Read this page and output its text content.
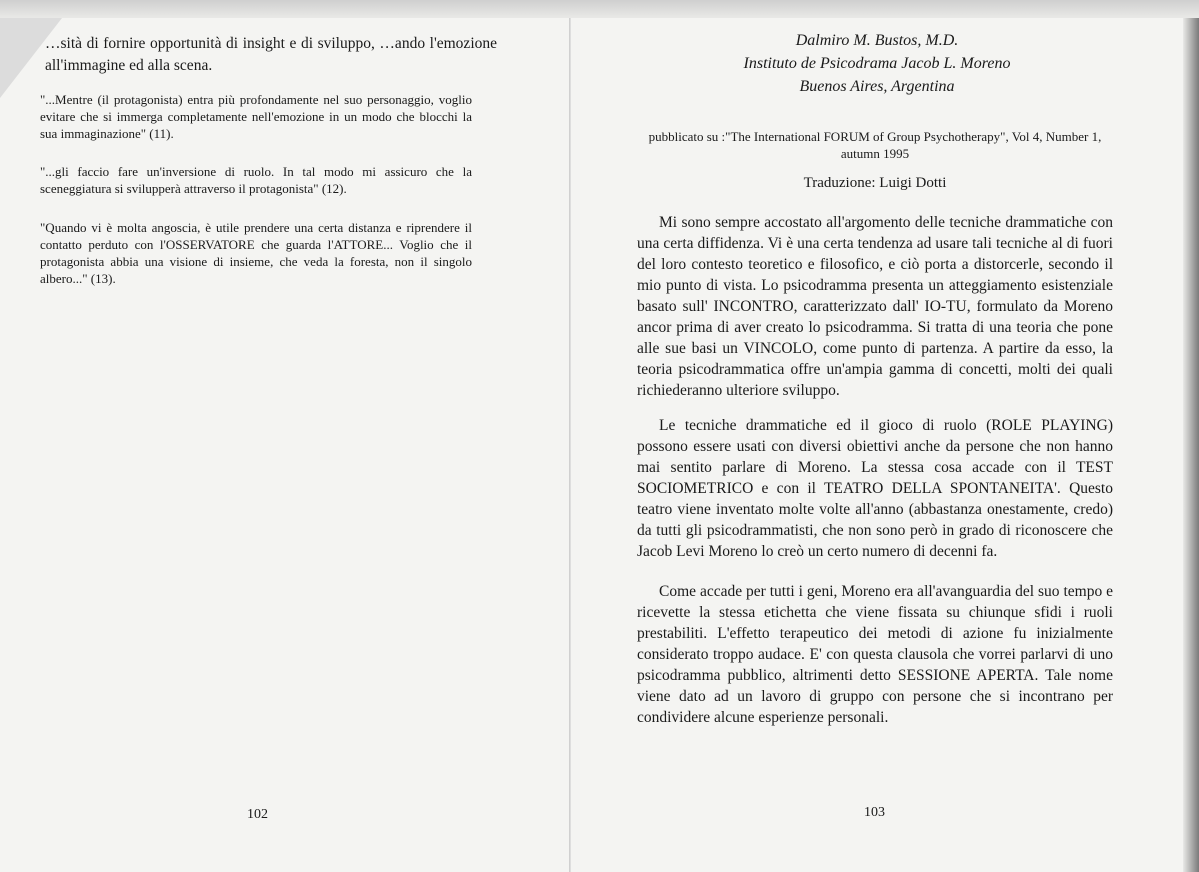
…sità di fornire opportunità di insight e di sviluppo, …ando l'emozione all'immagine ed alla scena.

"...Mentre (il protagonista) entra più profondamente nel suo personaggio, voglio evitare che si immerga completamente nell'emozione in un modo che blocchi la sua immaginazione" (11).

"...gli faccio fare un'inversione di ruolo. In tal modo mi assicuro che la sceneggiatura si svilupperà attraverso il protagonista" (12).

"Quando vi è molta angoscia, è utile prendere una certa distanza e riprendere il contatto perduto con l'OSSERVATORE che guarda l'ATTORE... Voglio che il protagonista abbia una visione di insieme, che veda la foresta, non il singolo albero..." (13).

102
Dalmiro M. Bustos, M.D.
Instituto de Psicodrama Jacob L. Moreno
Buenos Aires, Argentina
pubblicato su :"The International FORUM of Group Psychotherapy", Vol 4, Number 1, autumn 1995
Traduzione: Luigi Dotti

Mi sono sempre accostato all'argomento delle tecniche drammatiche con una certa diffidenza. Vi è una certa tendenza ad usare tali tecniche al di fuori del loro contesto teoretico e filosofico, e ciò porta a distorcerle, secondo il mio punto di vista. Lo psicodramma presenta un atteggiamento esistenziale basato sull' INCONTRO, caratterizzato dall' IO-TU, formulato da Moreno ancor prima di aver creato lo psicodramma. Si tratta di una teoria che pone alle sue basi un VINCOLO, come punto di partenza. A partire da esso, la teoria psicodrammatica offre un'ampia gamma di concetti, molti dei quali richiederanno ulteriore sviluppo.

Le tecniche drammatiche ed il gioco di ruolo (ROLE PLAYING) possono essere usati con diversi obiettivi anche da persone che non hanno mai sentito parlare di Moreno. La stessa cosa accade con il TEST SOCIOMETRICO e con il TEATRO DELLA SPONTANEITA'. Questo teatro viene inventato molte volte all'anno (abbastanza onestamente, credo) da tutti gli psicodrammatisti, che non sono però in grado di riconoscere che Jacob Levi Moreno lo creò un certo numero di decenni fa.

Come accade per tutti i geni, Moreno era all'avanguardia del suo tempo e ricevette la stessa etichetta che viene fissata su chiunque sfidi i ruoli prestabiliti. L'effetto terapeutico dei metodi di azione fu inizialmente considerato troppo audace. E' con questa clausola che vorrei parlarvi di uno psicodramma pubblico, altrimenti detto SESSIONE APERTA. Tale nome viene dato ad un lavoro di gruppo con persone che si incontrano per condividere alcune esperienze personali.

103
